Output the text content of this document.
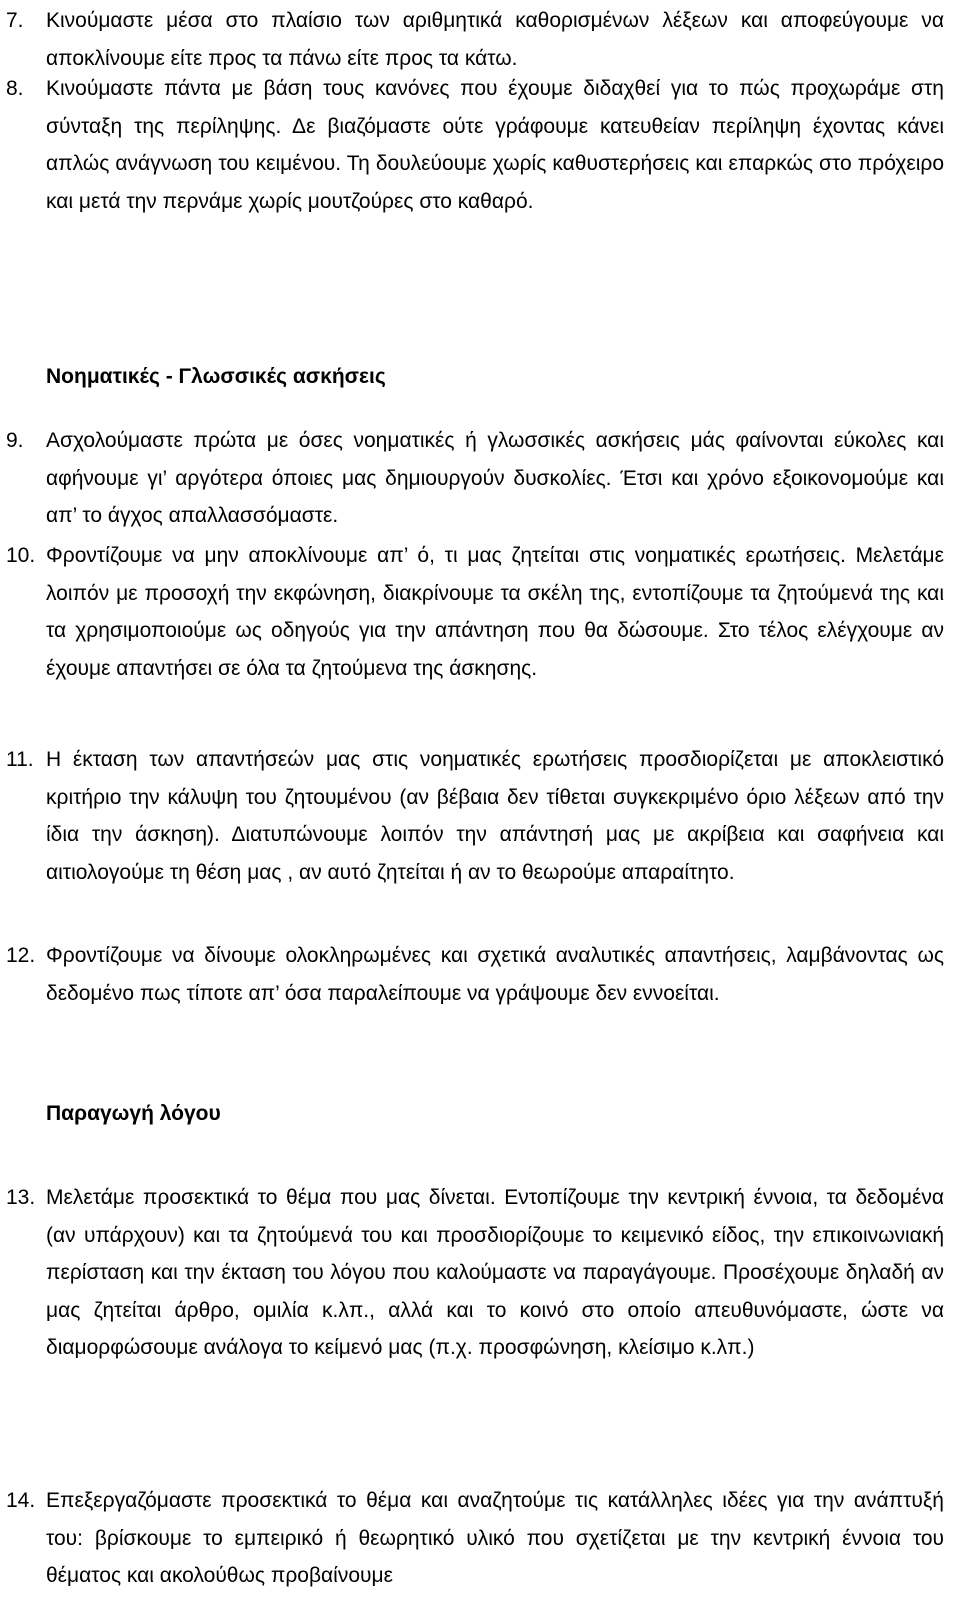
7. Κινούμαστε μέσα στο πλαίσιο των αριθμητικά καθορισμένων λέξεων και αποφεύγουμε να αποκλίνουμε είτε προς τα πάνω είτε προς τα κάτω.
8. Κινούμαστε πάντα με βάση τους κανόνες που έχουμε διδαχθεί για το πώς προχωράμε στη σύνταξη της περίληψης. Δε βιαζόμαστε ούτε γράφουμε κατευθείαν περίληψη έχοντας κάνει απλώς ανάγνωση του κειμένου. Τη δουλεύουμε χωρίς καθυστερήσεις και επαρκώς στο πρόχειρο και μετά την περνάμε χωρίς μουτζούρες στο καθαρό.
Νοηματικές - Γλωσσικές ασκήσεις
9. Ασχολούμαστε πρώτα με όσες νοηματικές ή γλωσσικές ασκήσεις μάς φαίνονται εύκολες και αφήνουμε γι’ αργότερα όποιες μας δημιουργούν δυσκολίες. Έτσι και χρόνο εξοικονομούμε και απ’ το άγχος απαλλασσόμαστε.
10. Φροντίζουμε να μην αποκλίνουμε απ’ ό, τι μας ζητείται στις νοηματικές ερωτήσεις. Μελετάμε λοιπόν με προσοχή την εκφώνηση, διακρίνουμε τα σκέλη της, εντοπίζουμε τα ζητούμενά της και τα χρησιμοποιούμε ως οδηγούς για την απάντηση που θα δώσουμε. Στο τέλος ελέγχουμε αν έχουμε απαντήσει σε όλα τα ζητούμενα της άσκησης.
11. Η έκταση των απαντήσεών μας στις νοηματικές ερωτήσεις προσδιορίζεται με αποκλειστικό κριτήριο την κάλυψη του ζητουμένου (αν βέβαια δεν τίθεται συγκεκριμένο όριο λέξεων από την ίδια την άσκηση). Διατυπώνουμε λοιπόν την απάντησή μας με ακρίβεια και σαφήνεια και αιτιολογούμε τη θέση μας , αν αυτό ζητείται ή αν το θεωρούμε απαραίτητο.
12. Φροντίζουμε να δίνουμε ολοκληρωμένες και σχετικά αναλυτικές απαντήσεις, λαμβάνοντας ως δεδομένο πως τίποτε απ’ όσα παραλείπουμε να γράψουμε δεν εννοείται.
Παραγωγή λόγου
13. Μελετάμε προσεκτικά το θέμα που μας δίνεται. Εντοπίζουμε την κεντρική έννοια, τα δεδομένα (αν υπάρχουν) και τα ζητούμενά του και προσδιορίζουμε το κειμενικό είδος, την επικοινωνιακή περίσταση και την έκταση του λόγου που καλούμαστε να παραγάγουμε. Προσέχουμε δηλαδή αν μας ζητείται άρθρο, ομιλία κ.λπ., αλλά και το κοινό στο οποίο απευθυνόμαστε, ώστε να διαμορφώσουμε ανάλογα το κείμενό μας (π.χ. προσφώνηση, κλείσιμο κ.λπ.)
14. Επεξεργαζόμαστε προσεκτικά το θέμα και αναζητούμε τις κατάλληλες ιδέες για την ανάπτυξή του: βρίσκουμε το εμπειρικό ή θεωρητικό υλικό που σχετίζεται με την κεντρική έννοια του θέματος και ακολούθως προβαίνουμε
